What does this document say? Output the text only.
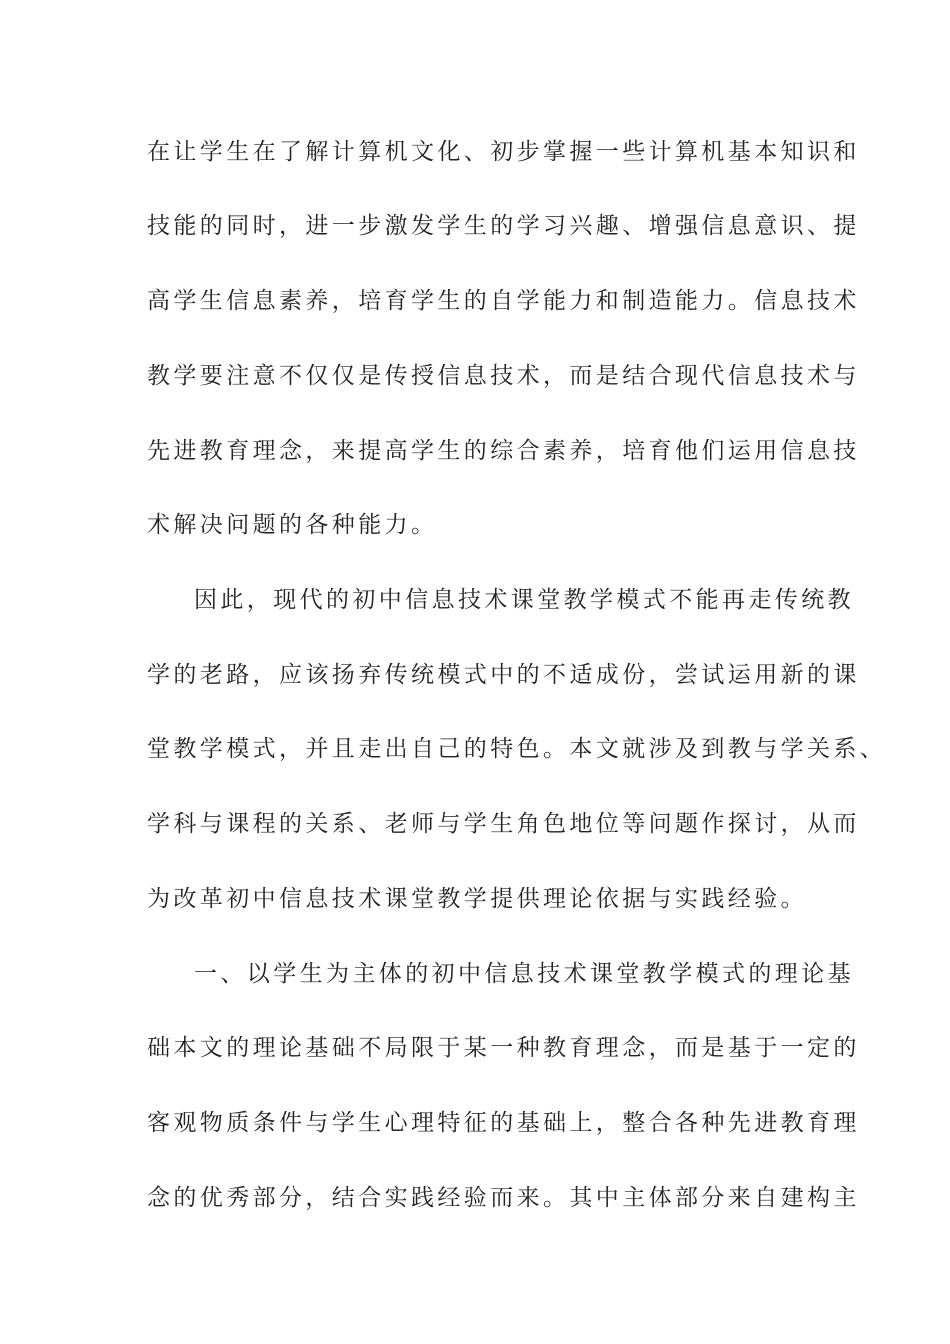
在让学生在了解计算机文化、初步掌握一些计算机基本知识和

技能的同时，进一步激发学生的学习兴趣、增强信息意识、提

高学生信息素养，培育学生的自学能力和制造能力。信息技术

教学要注意不仅仅是传授信息技术，而是结合现代信息技术与

先进教育理念，来提高学生的综合素养，培育他们运用信息技

术解决问题的各种能力。

因此，现代的初中信息技术课堂教学模式不能再走传统教

学的老路，应该扬弃传统模式中的不适成份，尝试运用新的课

堂教学模式，并且走出自己的特色。本文就涉及到教与学关系、

学科与课程的关系、老师与学生角色地位等问题作探讨，从而

为改革初中信息技术课堂教学提供理论依据与实践经验。

一、以学生为主体的初中信息技术课堂教学模式的理论基

础本文的理论基础不局限于某一种教育理念，而是基于一定的

客观物质条件与学生心理特征的基础上，整合各种先进教育理

念的优秀部分，结合实践经验而来。其中主体部分来自建构主
